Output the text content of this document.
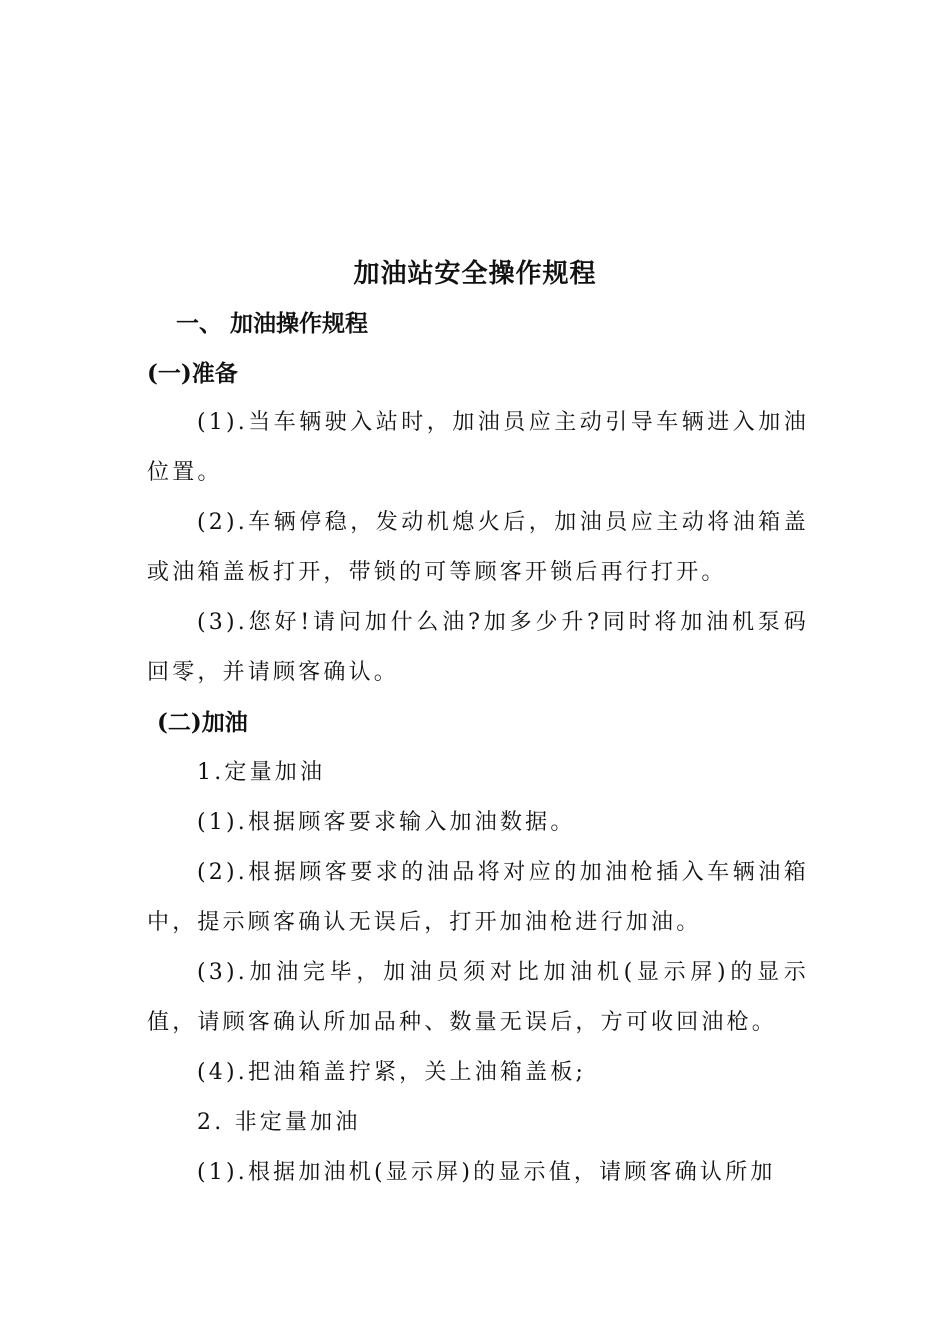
加油站安全操作规程
一、 加油操作规程
(一)准备

(1).当车辆驶入站时，加油员应主动引导车辆进入加油位置。

(2).车辆停稳，发动机熄火后，加油员应主动将油箱盖或油箱盖板打开，带锁的可等顾客开锁后再行打开。

(3).您好!请问加什么油?加多少升?同时将加油机泵码回零，并请顾客确认。

(二)加油

1.定量加油

(1).根据顾客要求输入加油数据。

(2).根据顾客要求的油品将对应的加油枪插入车辆油箱中，提示顾客确认无误后，打开加油枪进行加油。

(3).加油完毕，加油员须对比加油机(显示屏)的显示值，请顾客确认所加品种、数量无误后，方可收回油枪。

(4).把油箱盖拧紧，关上油箱盖板;

2. 非定量加油

(1).根据加油机(显示屏)的显示值，请顾客确认所加
